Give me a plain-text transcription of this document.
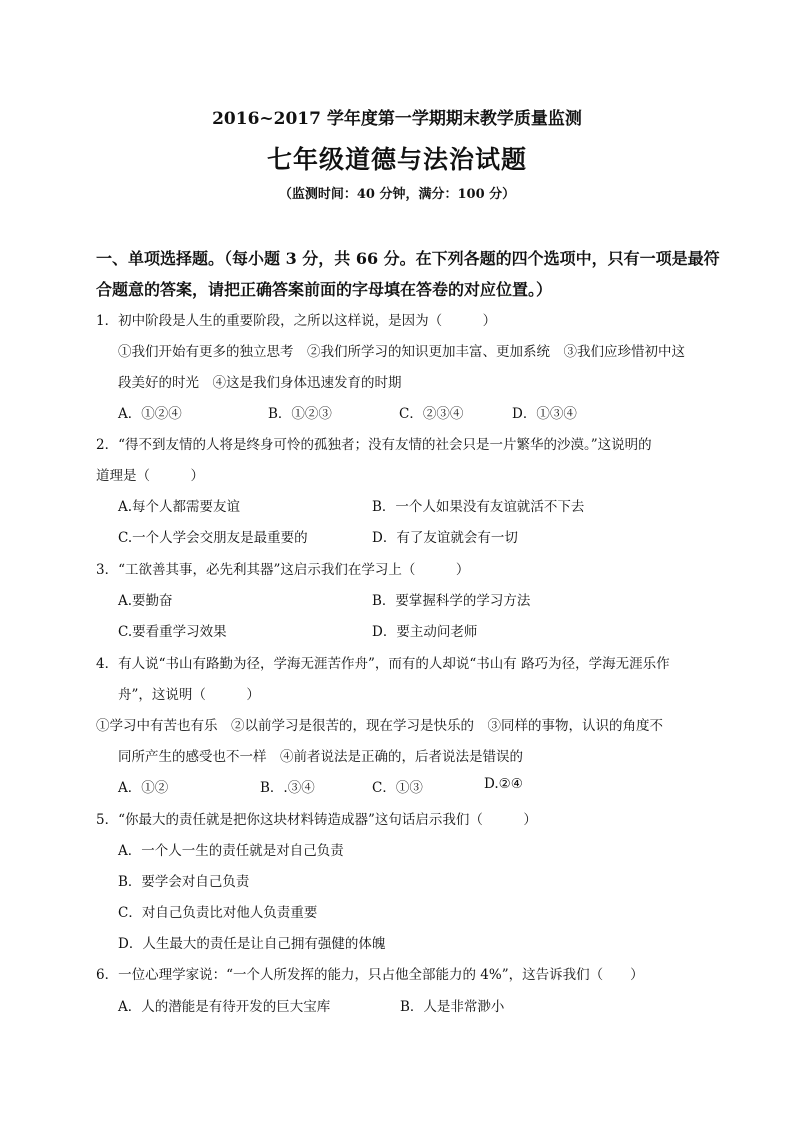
2016~2017 学年度第一学期期末教学质量监测
七年级道德与法治试题
（监测时间：40 分钟，满分：100 分）
一、单项选择题。（每小题 3 分，共 66 分。在下列各题的四个选项中，只有一项是最符
合题意的答案，请把正确答案前面的字母填在答卷的对应位置。）
1．初中阶段是人生的重要阶段，之所以这样说，是因为（　　　）
①我们开始有更多的独立思考　②我们所学习的知识更加丰富、更加系统　③我们应珍惜初中这
段美好的时光　④这是我们身体迅速发育的时期
A．①②④	B．①②③	C．②③④	D．①③④
2．“得不到友情的人将是终身可怜的孤独者；没有友情的社会只是一片繁华的沙漠。”这说明的
道理是（　　　）
A.每个人都需要友谊	B．一个人如果没有友谊就活不下去
C.一个人学会交朋友是最重要的	D．有了友谊就会有一切
3．“工欲善其事，必先利其器”这启示我们在学习上（　　　）
A.要勤奋	B．要掌握科学的学习方法
C.要看重学习效果	D．要主动问老师
4．有人说“书山有路勤为径，学海无涯苦作舟”，而有的人却说“书山有 路巧为径，学海无涯乐作
舟”，这说明（　　　）
①学习中有苦也有乐　②以前学习是很苦的，现在学习是快乐的　③同样的事物，认识的角度不
同所产生的感受也不一样　④前者说法是正确的，后者说法是错误的
A．①②	B．.③④	C．①③	D.②④
5．“你最大的责任就是把你这块材料铸造成器”这句话启示我们（　　　）
A．一个人一生的责任就是对自己负责
B．要学会对自己负责
C．对自己负责比对他人负责重要
D．人生最大的责任是让自己拥有强健的体魄
6．一位心理学家说：“一个人所发挥的能力，只占他全部能力的 4%”，这告诉我们（　　）
A．人的潜能是有待开发的巨大宝库	B．人是非常渺小
